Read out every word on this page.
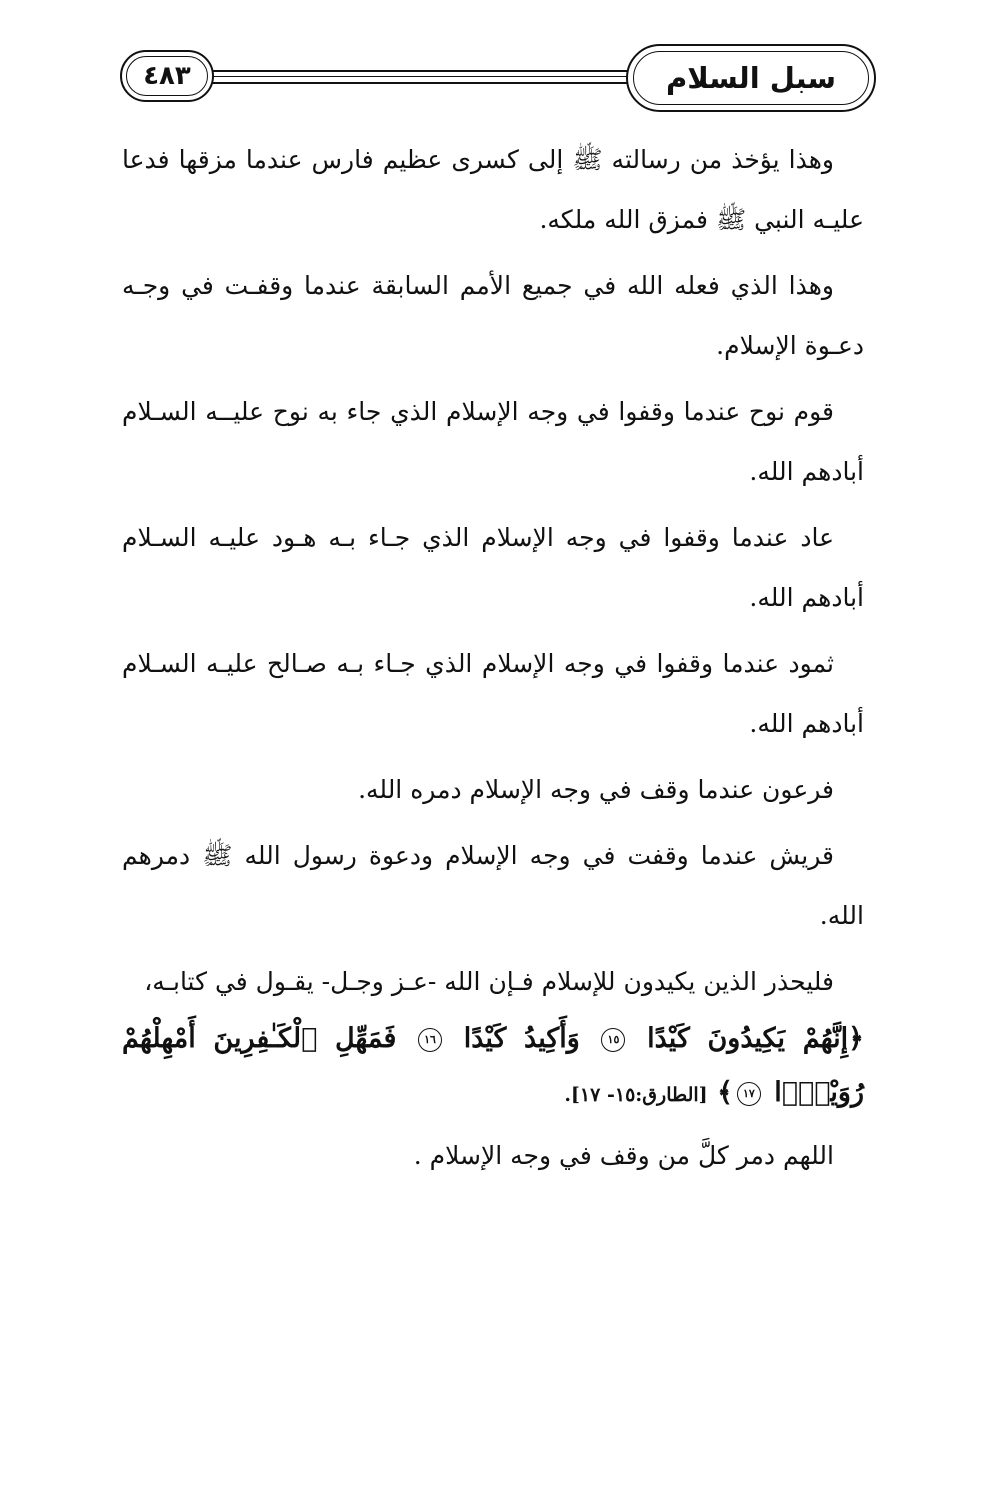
٤٨٣	سبل السلام

وهذا يؤخذ من رسالته ﷺ إلى كسرى عظيم فارس عندما مزقها فدعا عليـه النبي ﷺ فمزق الله ملكه.

وهذا الذي فعله الله في جميع الأمم السابقة عندما وقفـت في وجـه دعـوة الإسلام.

قوم نوح عندما وقفوا في وجه الإسلام الذي جاء به نوح عليــه السـلام أبادهم الله.

عاد عندما وقفوا في وجه الإسلام الذي جـاء بـه هـود عليـه السـلام أبادهم الله.

ثمود عندما وقفوا في وجه الإسلام الذي جـاء بـه صـالح عليـه السـلام أبادهم الله.

فرعون عندما وقف في وجه الإسلام دمره الله.

قريش عندما وقفت في وجه الإسلام ودعوة رسول الله ﷺ دمرهم الله.

فليحذر الذين يكيدون للإسلام فـإن الله -عـز وجـل- يقـول في كتابـه،

﴿إِنَّهُمْ يَكِيدُونَ كَيْدًا ١٥ وَأَكِيدُ كَيْدًا ١٦ فَمَهِّلِ ٱلْكَـٰفِرِينَ أَمْهِلْهُمْ رُوَيْدًۢا ١٧﴾ [الطارق:١٥- ١٧].

اللهم دمر كلَّ من وقف في وجه الإسلام .
